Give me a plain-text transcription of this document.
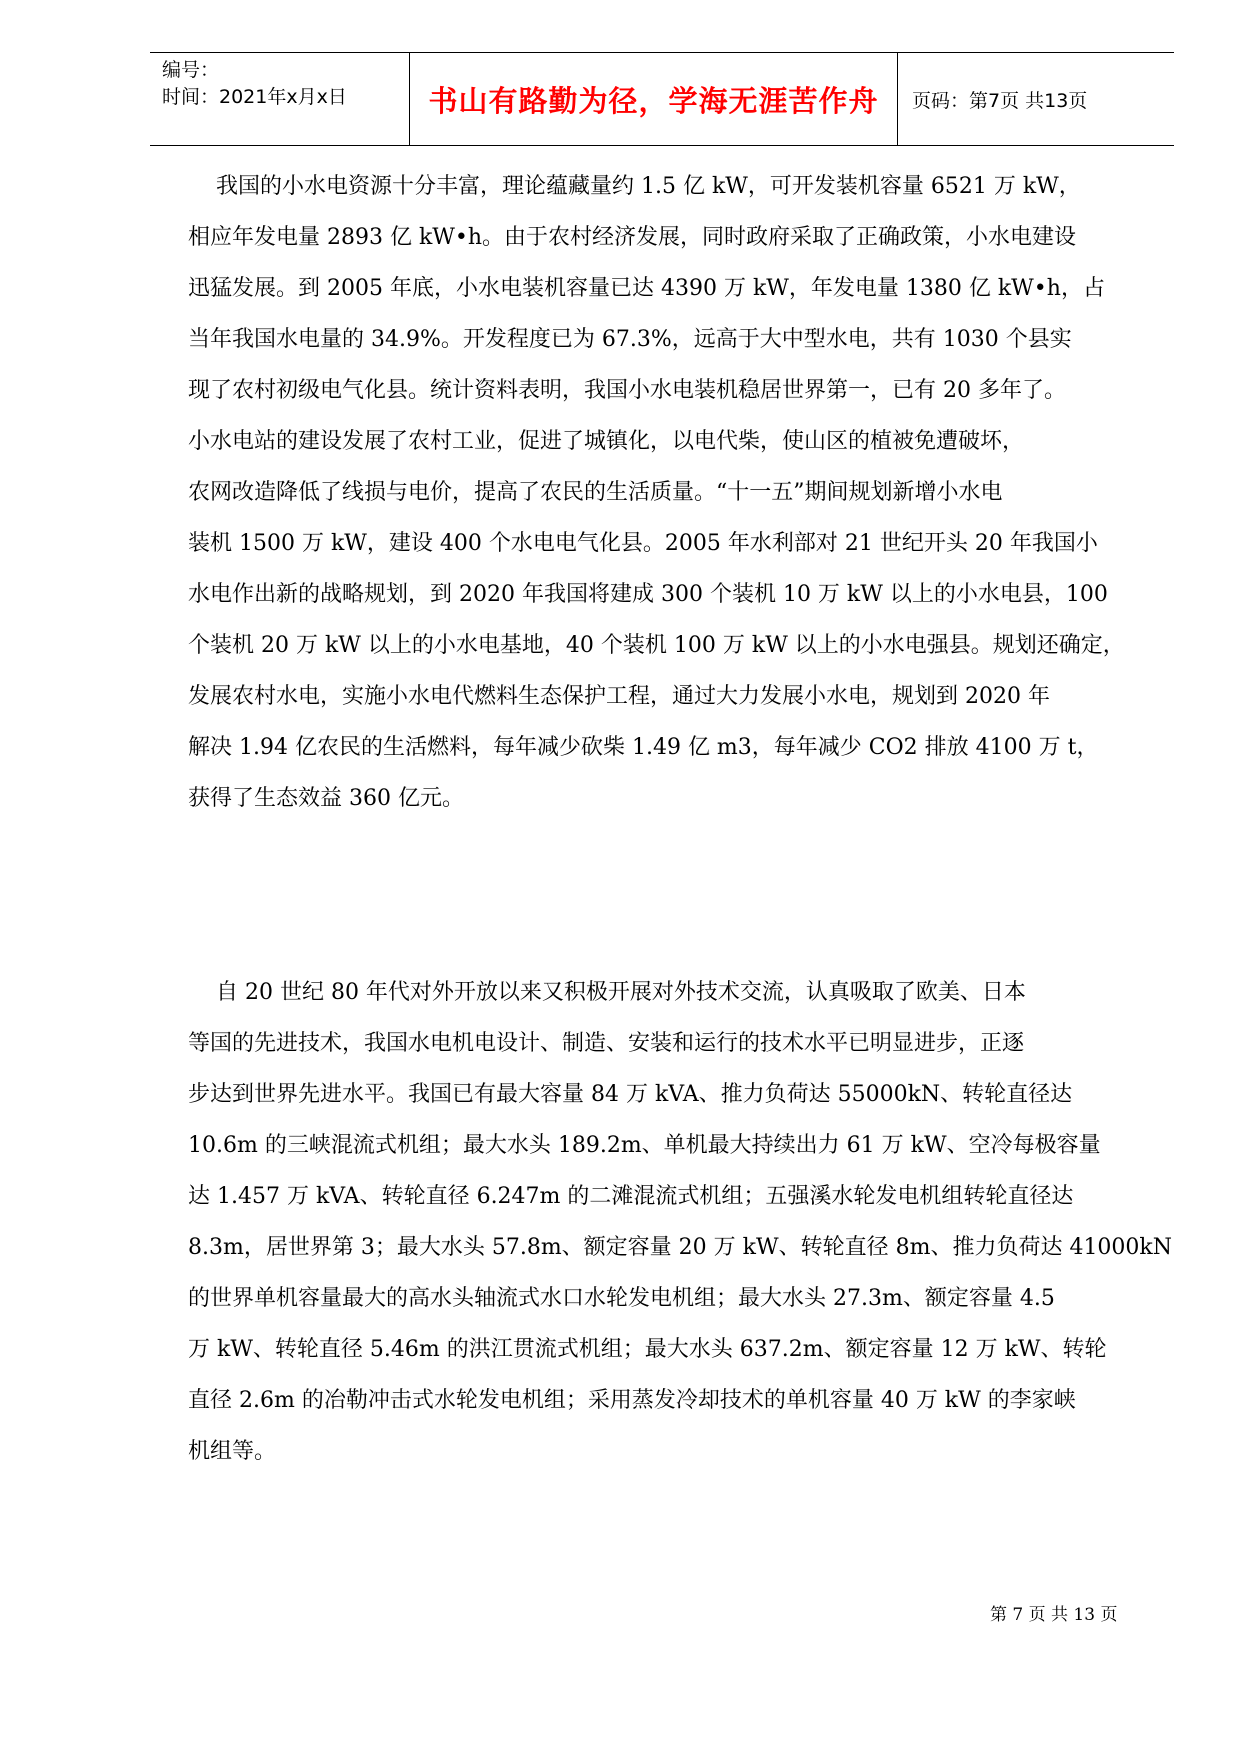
编号：
时间：2021年x月x日	书山有路勤为径，学海无涯苦作舟 页码：第7页 共13页
我国的小水电资源十分丰富，理论蕴藏量约 1.5 亿 kW，可开发装机容量 6521 万 kW，
相应年发电量 2893 亿 kW•h。由于农村经济发展，同时政府采取了正确政策，小水电建设
迅猛发展。到 2005 年底，小水电装机容量已达 4390 万 kW，年发电量 1380 亿 kW•h，占
当年我国水电量的 34.9%。开发程度已为 67.3%，远高于大中型水电，共有 1030 个县实
现了农村初级电气化县。统计资料表明，我国小水电装机稳居世界第一，已有 20 多年了。
小水电站的建设发展了农村工业，促进了城镇化，以电代柴，使山区的植被免遭破坏，
农网改造降低了线损与电价，提高了农民的生活质量。“十一五”期间规划新增小水电
装机 1500 万 kW，建设 400 个水电电气化县。2005 年水利部对 21 世纪开头 20 年我国小
水电作出新的战略规划，到 2020 年我国将建成 300 个装机 10 万 kW 以上的小水电县，100
个装机 20 万 kW 以上的小水电基地，40 个装机 100 万 kW 以上的小水电强县。规划还确定，
发展农村水电，实施小水电代燃料生态保护工程，通过大力发展小水电，规划到 2020 年
解决 1.94 亿农民的生活燃料，每年减少砍柴 1.49 亿 m3，每年减少 CO2 排放 4100 万 t，
获得了生态效益 360 亿元。
自 20 世纪 80 年代对外开放以来又积极开展对外技术交流，认真吸取了欧美、日本
等国的先进技术，我国水电机电设计、制造、安装和运行的技术水平已明显进步，正逐
步达到世界先进水平。我国已有最大容量 84 万 kVA、推力负荷达 55000kN、转轮直径达
10.6m 的三峡混流式机组；最大水头 189.2m、单机最大持续出力 61 万 kW、空冷每极容量
达 1.457 万 kVA、转轮直径 6.247m 的二滩混流式机组；五强溪水轮发电机组转轮直径达
8.3m，居世界第 3；最大水头 57.8m、额定容量 20 万 kW、转轮直径 8m、推力负荷达 41000kN
的世界单机容量最大的高水头轴流式水口水轮发电机组；最大水头 27.3m、额定容量 4.5
万 kW、转轮直径 5.46m 的洪江贯流式机组；最大水头 637.2m、额定容量 12 万 kW、转轮
直径 2.6m 的冶勒冲击式水轮发电机组；采用蒸发冷却技术的单机容量 40 万 kW 的李家峡
机组等。
第 7 页 共 13 页
